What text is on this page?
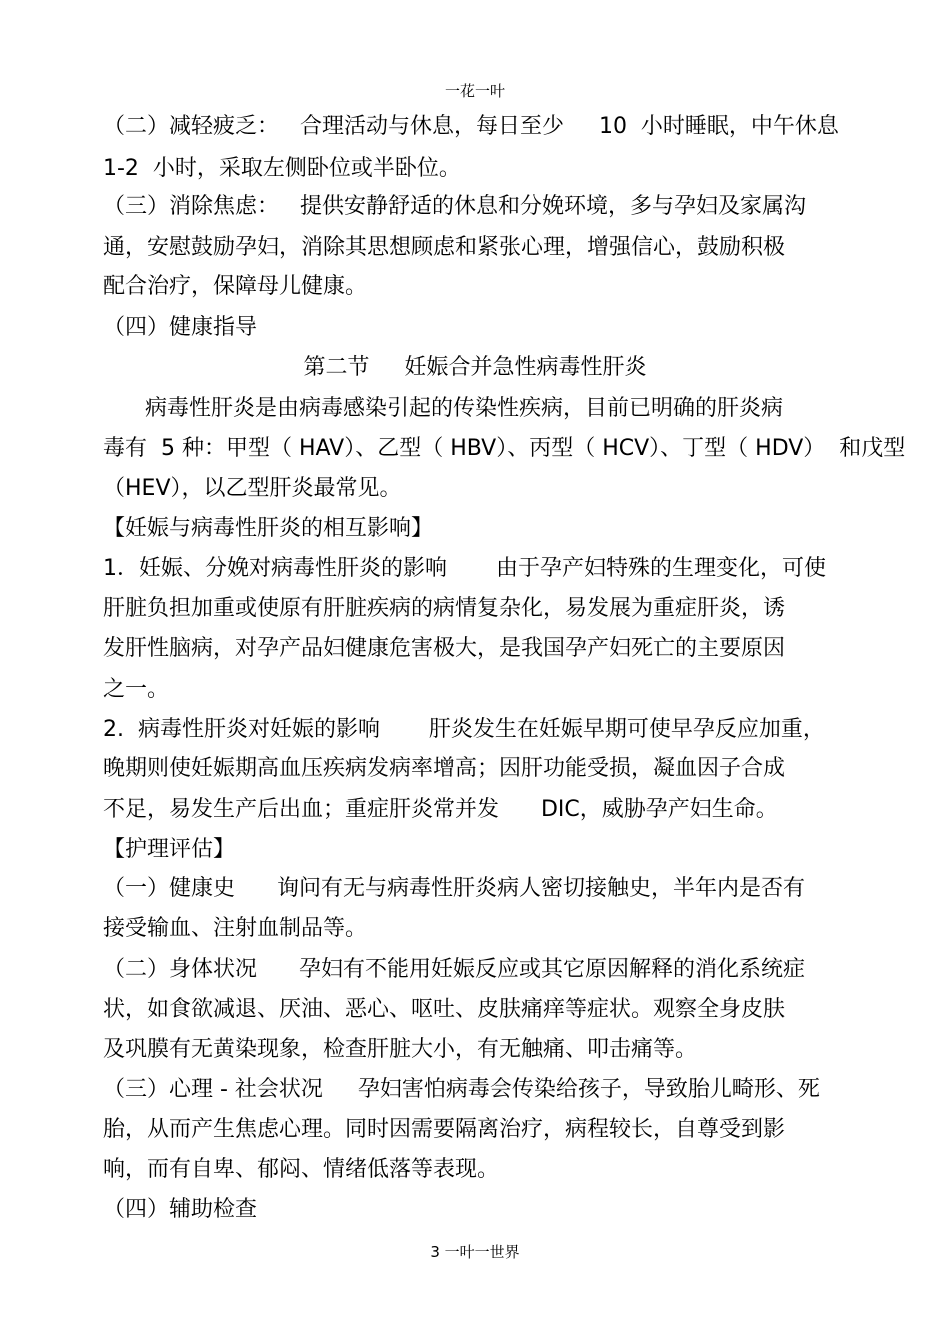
一花一叶
（二）减轻疲乏：   合理活动与休息，每日至少     10  小时睡眠，中午休息
1-2  小时，采取左侧卧位或半卧位。
（三）消除焦虑：   提供安静舒适的休息和分娩环境，多与孕妇及家属沟
通，安慰鼓励孕妇，消除其思想顾虑和紧张心理，增强信心，鼓励积极
配合治疗，保障母儿健康。
（四）健康指导
第二节     妊娠合并急性病毒性肝炎
病毒性肝炎是由病毒感染引起的传染性疾病，目前已明确的肝炎病
毒有  5 种：甲型（ HAV）、乙型（ HBV）、丙型（ HCV）、丁型（ HDV）  和戊型
（HEV），以乙型肝炎最常见。
【妊娠与病毒性肝炎的相互影响】
1．妊娠、分娩对病毒性肝炎的影响       由于孕产妇特殊的生理变化，可使
肝脏负担加重或使原有肝脏疾病的病情复杂化，易发展为重症肝炎，诱
发肝性脑病，对孕产品妇健康危害极大，是我国孕产妇死亡的主要原因
之一。
2.  病毒性肝炎对妊娠的影响       肝炎发生在妊娠早期可使早孕反应加重，
晚期则使妊娠期高血压疾病发病率增高；因肝功能受损，凝血因子合成
不足，易发生产后出血；重症肝炎常并发      DIC，威胁孕产妇生命。
【护理评估】
（一）健康史      询问有无与病毒性肝炎病人密切接触史，半年内是否有
接受输血、注射血制品等。
（二）身体状况      孕妇有不能用妊娠反应或其它原因解释的消化系统症
状，如食欲减退、厌油、恶心、呕吐、皮肤痛痒等症状。观察全身皮肤
及巩膜有无黄染现象，检查肝脏大小，有无触痛、叩击痛等。
（三）心理 - 社会状况     孕妇害怕病毒会传染给孩子，导致胎儿畸形、死
胎，从而产生焦虑心理。同时因需要隔离治疗，病程较长，自尊受到影
响，而有自卑、郁闷、情绪低落等表现。
（四）辅助检查
3 一叶一世界
